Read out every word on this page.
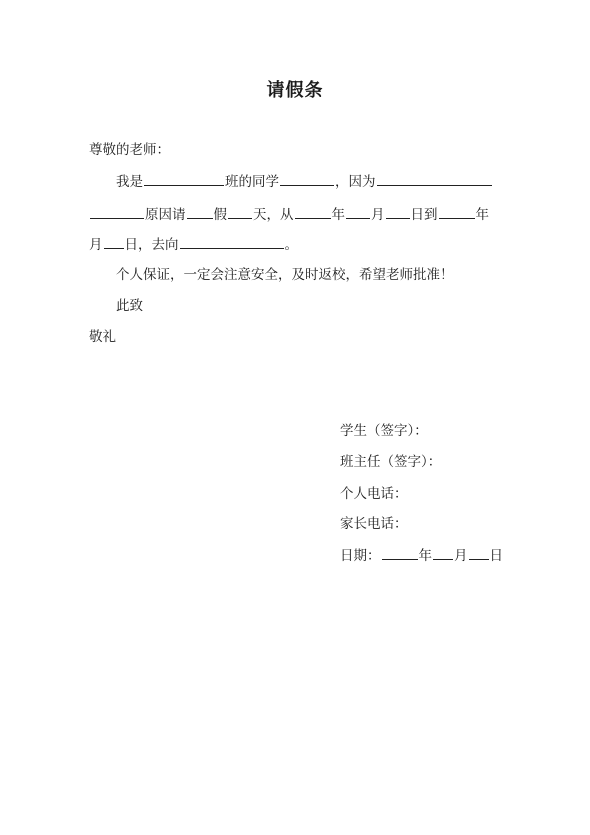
请假条
尊敬的老师：
我是	班的同学	，因为
原因请 假 天，从	年 月 日到	年
月 日，去向	。
个人保证，一定会注意安全，及时返校，希望老师批准！
此致
敬礼
学生（签字）：
班主任（签字）：
个人电话：
家长电话：
日期：	年 月 日
